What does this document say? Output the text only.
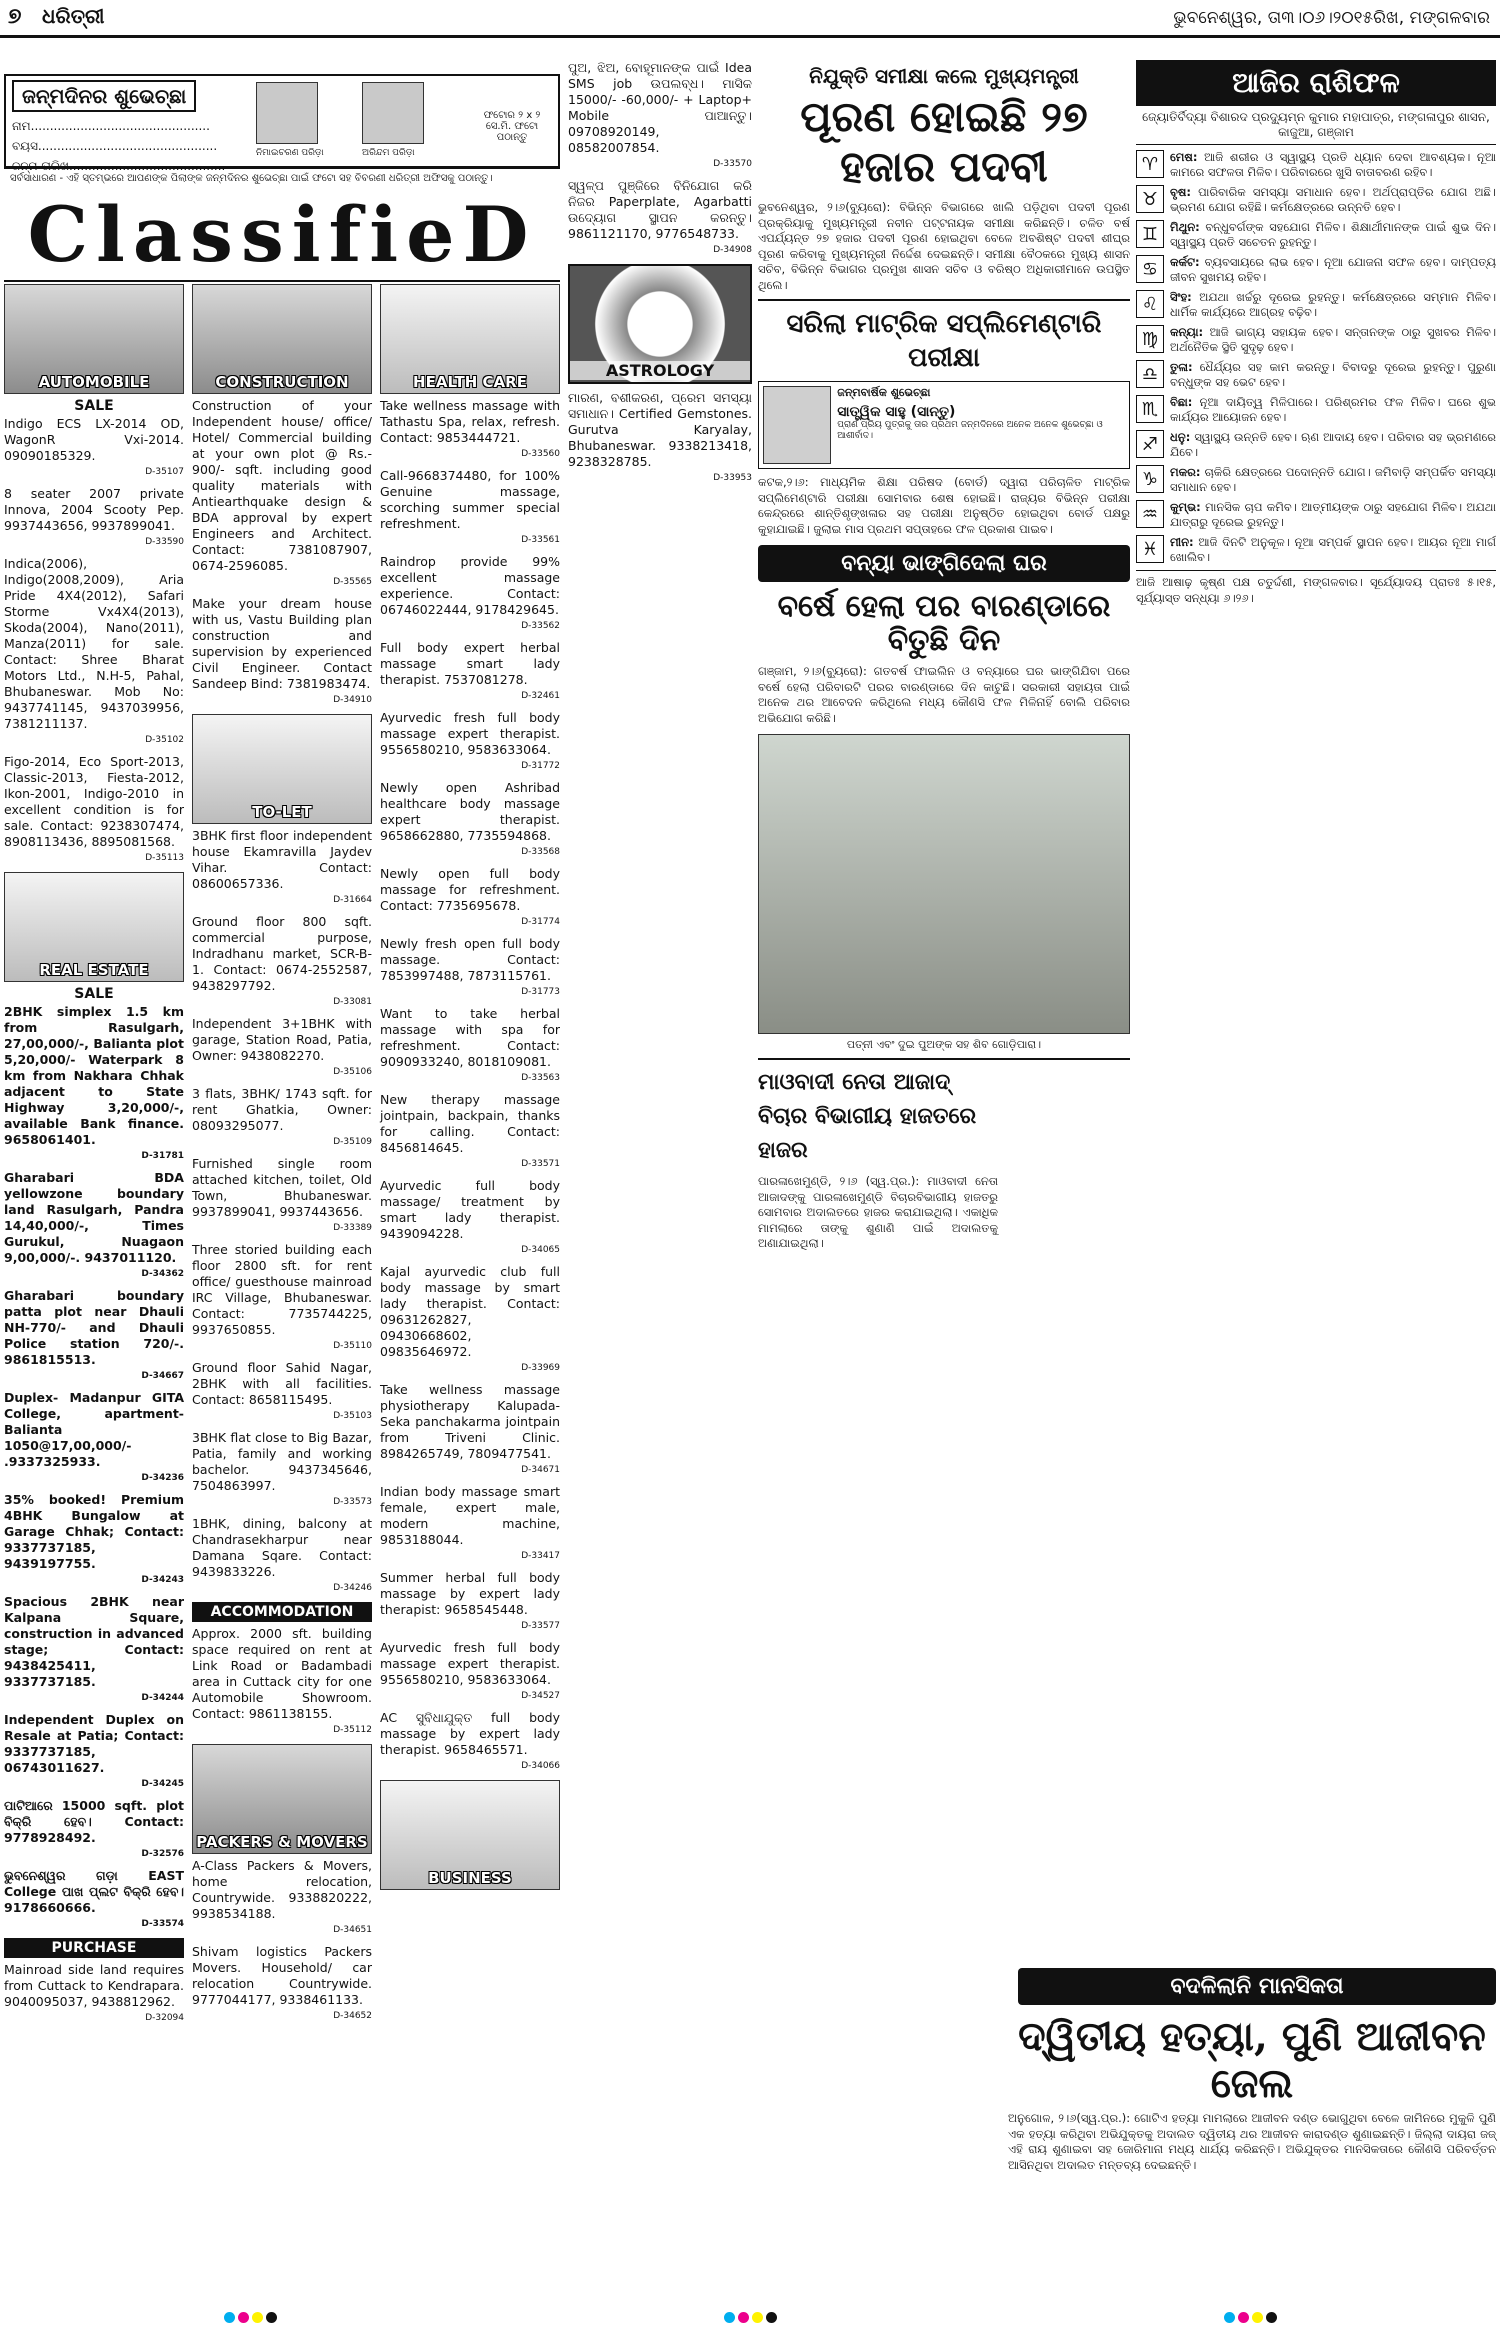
୭ ଧରିତ୍ରୀ	ଭୁବନେଶ୍ୱର, ତା୩।୦୬।୨୦୧୫ରିଖ, ମଙ୍ଗଳବାର
ଜନ୍ମଦିନର ଶୁଭେଚ୍ଛା
ନାମ...............................................
ବୟସ...............................................
ଜନ୍ମ ତାରିଖ.........................................
ନିମାଇଚରଣ ପରିଡ଼ା	ଅରିନ୍ଦମ ପରିଡ଼ା
ଫଟୋର ୨ x ୨ ସେ.ମି. ଫଟୋ ପଠାନ୍ତୁ
ସର୍ବସାଧାରଣ - ଏହି ସ୍ତମ୍ଭରେ ଆପଣଙ୍କ ପିଲାଙ୍କ ଜନ୍ମଦିନର ଶୁଭେଚ୍ଛା ପାଇଁ ଫଟୋ ସହ ବିବରଣୀ ଧରିତ୍ରୀ ଅଫିସକୁ ପଠାନ୍ତୁ।
ClassifieD
AUTOMOBILE
SALE
Indigo ECS LX-2014 OD, WagonR Vxi-2014. 09090185329.
D-35107
8 seater 2007 private Innova, 2004 Scooty Pep. 9937443656, 9937899041.
D-33590
Indica(2006), Indigo(2008,2009), Aria Pride 4X4(2012), Safari Storme Vx4X4(2013), Skoda(2004), Nano(2011), Manza(2011) for sale. Contact: Shree Bharat Motors Ltd., N.H-5, Pahal, Bhubaneswar. Mob No: 9437741145, 9437039956, 7381211137.
D-35102
Figo-2014, Eco Sport-2013, Classic-2013, Fiesta-2012, Ikon-2001, Indigo-2010 in excellent condition is for sale. Contact: 9238307474, 8908113436, 8895081568.
D-35113
REAL ESTATE
SALE
2BHK simplex 1.5 km from Rasulgarh, 27,00,000/-, Balianta plot 5,20,000/- Waterpark 8 km from Nakhara Chhak adjacent to State Highway 3,20,000/-, available Bank finance. 9658061401.
D-31781
Gharabari BDA yellowzone boundary land Rasulgarh, Pandra 14,40,000/-, Times Gurukul, Nuagaon 9,00,000/-. 9437011120.
D-34362
Gharabari boundary patta plot near Dhauli NH-770/- and Dhauli Police station 720/-. 9861815513.
D-34667
Duplex- Madanpur GITA College, apartment- Balianta 1050@17,00,000/- .9337325933.
D-34236
35% booked! Premium 4BHK Bungalow at Garage Chhak; Contact: 9337737185, 9439197755.
D-34243
Spacious 2BHK near Kalpana Square, construction in advanced stage; Contact: 9438425411, 9337737185.
D-34244
Independent Duplex on Resale at Patia; Contact: 9337737185, 06743011627.
D-34245
ପାଟିଆରେ 15000 sqft. plot ବିକ୍ରି ହେବ। Contact: 9778928492.
D-32576
ଭୁବନେଶ୍ୱର ଗଡ଼ା EAST College ପାଖ ପ୍ଲଟ ବିକ୍ରି ହେବ। 9178660666.
D-33574
PURCHASE
Mainroad side land requires from Cuttack to Kendrapara. 9040095037, 9438812962.
D-32094
CONSTRUCTION
Construction of your Independent house/ office/ Hotel/ Commercial building at your own plot @ Rs.- 900/- sqft. including good quality materials with Antiearthquake design & BDA approval by expert Engineers and Architect. Contact: 7381087907, 0674-2596085.
D-35565
Make your dream house with us, Vastu Building plan construction and supervision by experienced Civil Engineer. Contact Sandeep Bind: 7381983474.
D-34910
TO-LET
3BHK first floor independent house Ekamravilla Jaydev Vihar. Contact: 08600657336.
D-31664
Ground floor 800 sqft. commercial purpose, Indradhanu market, SCR-B-1. Contact: 0674-2552587, 9438297792.
D-33081
Independent 3+1BHK with garage, Station Road, Patia, Owner: 9438082270.
D-35106
3 flats, 3BHK/ 1743 sqft. for rent Ghatkia, Owner: 08093295077.
D-35109
Furnished single room attached kitchen, toilet, Old Town, Bhubaneswar. 9937899041, 9937443656.
D-33389
Three storied building each floor 2800 sft. for rent office/ guesthouse mainroad IRC Village, Bhubaneswar. Contact: 7735744225, 9937650855.
D-35110
Ground floor Sahid Nagar, 2BHK with all facilities. Contact: 8658115495.
D-35103
3BHK flat close to Big Bazar, Patia, family and working bachelor. 9437345646, 7504863997.
D-33573
1BHK, dining, balcony at Chandrasekharpur near Damana Sqare. Contact: 9439833226.
D-34246
ACCOMMODATION
Approx. 2000 sft. building space required on rent at Link Road or Badambadi area in Cuttack city for one Automobile Showroom. Contact: 9861138155.
D-35112
PACKERS & MOVERS
A-Class Packers & Movers, home relocation, Countrywide. 9338820222, 9938534188.
D-34651
Shivam logistics Packers Movers. Household/ car relocation Countrywide. 9777044177, 9338461133.
D-34652
HEALTH CARE
Take wellness massage with Tathastu Spa, relax, refresh. Contact: 9853444721.
D-33560
Call-9668374480, for 100% Genuine massage, scorching summer special refreshment.
D-33561
Raindrop provide 99% excellent massage experience. Contact: 06746022444, 9178429645.
D-33562
Full body expert herbal massage smart lady therapist. 7537081278.
D-32461
Ayurvedic fresh full body massage expert therapist. 9556580210, 9583633064.
D-31772
Newly open Ashribad healthcare body massage expert therapist. 9658662880, 7735594868.
D-33568
Newly open full body massage for refreshment. Contact: 7735695678.
D-31774
Newly fresh open full body massage. Contact: 7853997488, 7873115761.
D-31773
Want to take herbal massage with spa for refreshment. Contact: 9090933240, 8018109081.
D-33563
New therapy massage jointpain, backpain, thanks for calling. Contact: 8456814645.
D-33571
Ayurvedic full body massage/ treatment by smart lady therapist. 9439094228.
D-34065
Kajal ayurvedic club full body massage by smart lady therapist. Contact: 09631262827, 09430668602, 09835646972.
D-33969
Take wellness massage physiotherapy Kalupada-Seka panchakarma jointpain from Triveni Clinic. 8984265749, 7809477541.
D-34671
Indian body massage smart female, expert male, modern machine, 9853188044.
D-33417
Summer herbal full body massage by expert lady therapist: 9658545448.
D-33577
Ayurvedic fresh full body massage expert therapist. 9556580210, 9583633064.
D-34527
AC ସୁବିଧାଯୁକ୍ତ full body massage by expert lady therapist. 9658465571.
D-34066
BUSINESS
ପୁଅ, ଝିଅ, ବୋହୂମାନଙ୍କ ପାଇଁ Idea SMS job ଉପଲବ୍ଧ। ମାସିକ 15000/- -60,000/- + Laptop+ Mobile ପାଆନ୍ତୁ। 09708920149, 08582007854.
D-33570
ସ୍ୱଳ୍ପ ପୁଞ୍ଜିରେ ବିନିଯୋଗ କରି ନିଜର Paperplate, Agarbatti ଉଦ୍ୟୋଗ ସ୍ଥାପନ କରନ୍ତୁ। 9861121170, 9776548733.
D-34908
ASTROLOGY
ମାରଣ, ବଶୀକରଣ, ପ୍ରେମ ସମସ୍ୟା ସମାଧାନ। Certified Gemstones. Gurutva Karyalay, Bhubaneswar. 9338213418, 9238328785.
D-33953
ନିଯୁକ୍ତି ସମୀକ୍ଷା କଲେ ମୁଖ୍ୟମନ୍ତ୍ରୀ
ପୂରଣ ହୋଇଛି ୨୭ ହଜାର ପଦବୀ
ଭୁବନେଶ୍ୱର, ୨।୬(ବ୍ୟୁରୋ): ବିଭିନ୍ନ ବିଭାଗରେ ଖାଲି ପଡ଼ିଥିବା ପଦବୀ ପୂରଣ ପ୍ରକ୍ରିୟାକୁ ମୁଖ୍ୟମନ୍ତ୍ରୀ ନବୀନ ପଟ୍ଟନାୟକ ସମୀକ୍ଷା କରିଛନ୍ତି। ଚଳିତ ବର୍ଷ ଏପର୍ଯ୍ୟନ୍ତ ୨୭ ହଜାର ପଦବୀ ପୂରଣ ହୋଇଥିବା ବେଳେ ଅବଶିଷ୍ଟ ପଦବୀ ଶୀଘ୍ର ପୂରଣ କରିବାକୁ ମୁଖ୍ୟମନ୍ତ୍ରୀ ନିର୍ଦ୍ଦେଶ ଦେଇଛନ୍ତି। ସମୀକ୍ଷା ବୈଠକରେ ମୁଖ୍ୟ ଶାସନ ସଚିବ, ବିଭିନ୍ନ ବିଭାଗର ପ୍ରମୁଖ ଶାସନ ସଚିବ ଓ ବରିଷ୍ଠ ଅଧିକାରୀମାନେ ଉପସ୍ଥିତ ଥିଲେ।
ସରିଲା ମାଟ୍ରିକ ସପ୍ଲିମେଣ୍ଟାରି ପରୀକ୍ଷା
ଜନ୍ମବାର୍ଷିକ ଶୁଭେଚ୍ଛା
ସାତ୍ତ୍ୱିକ ସାହୁ (ସାନ୍ତୁ)
ପ୍ରାଣ ପ୍ରିୟ ପୁତ୍ରକୁ ତାର ପ୍ରଥମ ଜନ୍ମଦିନରେ ଅନେକ ଅନେକ ଶୁଭେଚ୍ଛା ଓ ଆଶୀର୍ବାଦ।
କଟକ,୨।୬: ମାଧ୍ୟମିକ ଶିକ୍ଷା ପରିଷଦ (ବୋର୍ଡ) ଦ୍ୱାରା ପରିଚାଳିତ ମାଟ୍ରିକ ସପ୍ଲିମେଣ୍ଟାରି ପରୀକ୍ଷା ସୋମବାର ଶେଷ ହୋଇଛି। ରାଜ୍ୟର ବିଭିନ୍ନ ପରୀକ୍ଷା କେନ୍ଦ୍ରରେ ଶାନ୍ତିଶୃଙ୍ଖଳାର ସହ ପରୀକ୍ଷା ଅନୁଷ୍ଠିତ ହୋଇଥିବା ବୋର୍ଡ ପକ୍ଷରୁ କୁହାଯାଇଛି। ଜୁଲାଇ ମାସ ପ୍ରଥମ ସପ୍ତାହରେ ଫଳ ପ୍ରକାଶ ପାଇବ।
ବନ୍ୟା ଭାଙ୍ଗିଦେଲା ଘର
ବର୍ଷେ ହେଲା ପର ବାରଣ୍ଡାରେ ବିତୁଛି ଦିନ
ଗଞ୍ଜାମ, ୨।୬(ବ୍ୟୁରୋ): ଗତବର୍ଷ ଫାଇଲିନ ଓ ବନ୍ୟାରେ ଘର ଭାଙ୍ଗିଯିବା ପରେ ବର୍ଷେ ହେଲା ପରିବାରଟି ପରର ବାରଣ୍ଡାରେ ଦିନ କାଟୁଛି। ସରକାରୀ ସହାୟତା ପାଇଁ ଅନେକ ଥର ଆବେଦନ କରିଥିଲେ ମଧ୍ୟ କୌଣସି ଫଳ ମିଳିନାହିଁ ବୋଲି ପରିବାର ଅଭିଯୋଗ କରିଛି।
ପତ୍ନୀ ଏବଂ ଦୁଇ ପୁଅଙ୍କ ସହ ଶିବ ଗୋଡ଼ିପାରା।
ମାଓବାଦୀ ନେତା ଆଜାଦ୍ ବିଚାର ବିଭାଗୀୟ ହାଜତରେ ହାଜର
ପାରଳାଖେମୁଣ୍ଡି, ୨।୬ (ସ୍ୱ.ପ୍ର.): ମାଓବାଦୀ ନେତା ଆଜାଦଙ୍କୁ ପାରଳାଖେମୁଣ୍ଡି ବିଚାରବିଭାଗୀୟ ହାଜତରୁ ସୋମବାର ଅଦାଲତରେ ହାଜର କରାଯାଇଥିଲା। ଏକାଧିକ ମାମଲାରେ ତାଙ୍କୁ ଶୁଣାଣି ପାଇଁ ଅଦାଲତକୁ ଅଣାଯାଇଥିଲା।
ଆଜିର ରାଶିଫଳ
ଜ୍ୟୋତିର୍ବିଦ୍ୟା ବିଶାରଦ ପ୍ରଦ୍ୟୁମ୍ନ କୁମାର ମହାପାତ୍ର, ମଙ୍ଗଳାପୁର ଶାସନ, କାଜୁଆ, ଗଞ୍ଜାମ
♈	ମେଷ: ଆଜି ଶରୀର ଓ ସ୍ୱାସ୍ଥ୍ୟ ପ୍ରତି ଧ୍ୟାନ ଦେବା ଆବଶ୍ୟକ। ନୂଆ କାମରେ ସଫଳତା ମିଳିବ। ପରିବାରରେ ଖୁସି ବାତାବରଣ ରହିବ।
♉	ବୃଷ: ପାରିବାରିକ ସମସ୍ୟା ସମାଧାନ ହେବ। ଅର୍ଥପ୍ରାପ୍ତିର ଯୋଗ ଅଛି। ଭ୍ରମଣ ଯୋଗ ରହିଛି। କର୍ମକ୍ଷେତ୍ରରେ ଉନ୍ନତି ହେବ।
♊	ମିଥୁନ: ବନ୍ଧୁବର୍ଗଙ୍କ ସହଯୋଗ ମିଳିବ। ଶିକ୍ଷାର୍ଥୀମାନଙ୍କ ପାଇଁ ଶୁଭ ଦିନ। ସ୍ୱାସ୍ଥ୍ୟ ପ୍ରତି ସଚେତନ ରୁହନ୍ତୁ।
♋	କର୍କଟ: ବ୍ୟବସାୟରେ ଲାଭ ହେବ। ନୂଆ ଯୋଜନା ସଫଳ ହେବ। ଦାମ୍ପତ୍ୟ ଜୀବନ ସୁଖମୟ ରହିବ।
♌	ସିଂହ: ଅଯଥା ଖର୍ଚ୍ଚରୁ ଦୂରେଇ ରୁହନ୍ତୁ। କର୍ମକ୍ଷେତ୍ରରେ ସମ୍ମାନ ମିଳିବ। ଧାର୍ମିକ କାର୍ଯ୍ୟରେ ଆଗ୍ରହ ବଢ଼ିବ।
♍	କନ୍ୟା: ଆଜି ଭାଗ୍ୟ ସହାୟକ ହେବ। ସନ୍ତାନଙ୍କ ଠାରୁ ସୁଖବର ମିଳିବ। ଅର୍ଥନୈତିକ ସ୍ଥିତି ସୁଦୃଢ଼ ହେବ।
♎	ତୁଳା: ଧୈର୍ଯ୍ୟର ସହ କାମ କରନ୍ତୁ। ବିବାଦରୁ ଦୂରେଇ ରୁହନ୍ତୁ। ପୁରୁଣା ବନ୍ଧୁଙ୍କ ସହ ଭେଟ ହେବ।
♏	ବିଛା: ନୂଆ ଦାୟିତ୍ୱ ମିଳିପାରେ। ପରିଶ୍ରମର ଫଳ ମିଳିବ। ଘରେ ଶୁଭ କାର୍ଯ୍ୟର ଆୟୋଜନ ହେବ।
♐	ଧନୁ: ସ୍ୱାସ୍ଥ୍ୟ ଉନ୍ନତି ହେବ। ଋଣ ଆଦାୟ ହେବ। ପରିବାର ସହ ଭ୍ରମଣରେ ଯିବେ।
♑	ମକର: ଚାକିରି କ୍ଷେତ୍ରରେ ପଦୋନ୍ନତି ଯୋଗ। ଜମିବାଡ଼ି ସମ୍ପର୍କିତ ସମସ୍ୟା ସମାଧାନ ହେବ।
♒	କୁମ୍ଭ: ମାନସିକ ଚାପ କମିବ। ଆତ୍ମୀୟଙ୍କ ଠାରୁ ସହଯୋଗ ମିଳିବ। ଅଯଥା ଯାତ୍ରାରୁ ଦୂରେଇ ରୁହନ୍ତୁ।
♓	ମୀନ: ଆଜି ଦିନଟି ଅନୁକୂଳ। ନୂଆ ସମ୍ପର୍କ ସ୍ଥାପନ ହେବ। ଆୟର ନୂଆ ମାର୍ଗ ଖୋଲିବ।
ଆଜି ଆଷାଢ଼ କୃଷ୍ଣ ପକ୍ଷ ଚତୁର୍ଦ୍ଦଶୀ, ମଙ୍ଗଳବାର। ସୂର୍ଯ୍ୟୋଦୟ ପ୍ରାତଃ ୫।୧୫, ସୂର୍ଯ୍ୟାସ୍ତ ସନ୍ଧ୍ୟା ୬।୨୬।
ବଦଳିଲାନି ମାନସିକତା
ଦ୍ୱିତୀୟ ହତ୍ୟା, ପୁଣି ଆଜୀବନ ଜେଲ
ଅନୁଗୋଳ, ୨।୬(ସ୍ୱ.ପ୍ର.): ଗୋଟିଏ ହତ୍ୟା ମାମଲାରେ ଆଜୀବନ ଦଣ୍ଡ ଭୋଗୁଥିବା ବେଳେ ଜାମିନରେ ମୁକୁଳି ପୁଣି ଏକ ହତ୍ୟା କରିଥିବା ଅଭିଯୁକ୍ତକୁ ଅଦାଲତ ଦ୍ୱିତୀୟ ଥର ଆଜୀବନ କାରାଦଣ୍ଡ ଶୁଣାଇଛନ୍ତି। ଜିଲ୍ଲା ଦାୟରା ଜଜ୍ ଏହି ରାୟ ଶୁଣାଇବା ସହ ଜୋରିମାନା ମଧ୍ୟ ଧାର୍ଯ୍ୟ କରିଛନ୍ତି। ଅଭିଯୁକ୍ତର ମାନସିକତାରେ କୌଣସି ପରିବର୍ତ୍ତନ ଆସିନଥିବା ଅଦାଲତ ମନ୍ତବ୍ୟ ଦେଇଛନ୍ତି।
